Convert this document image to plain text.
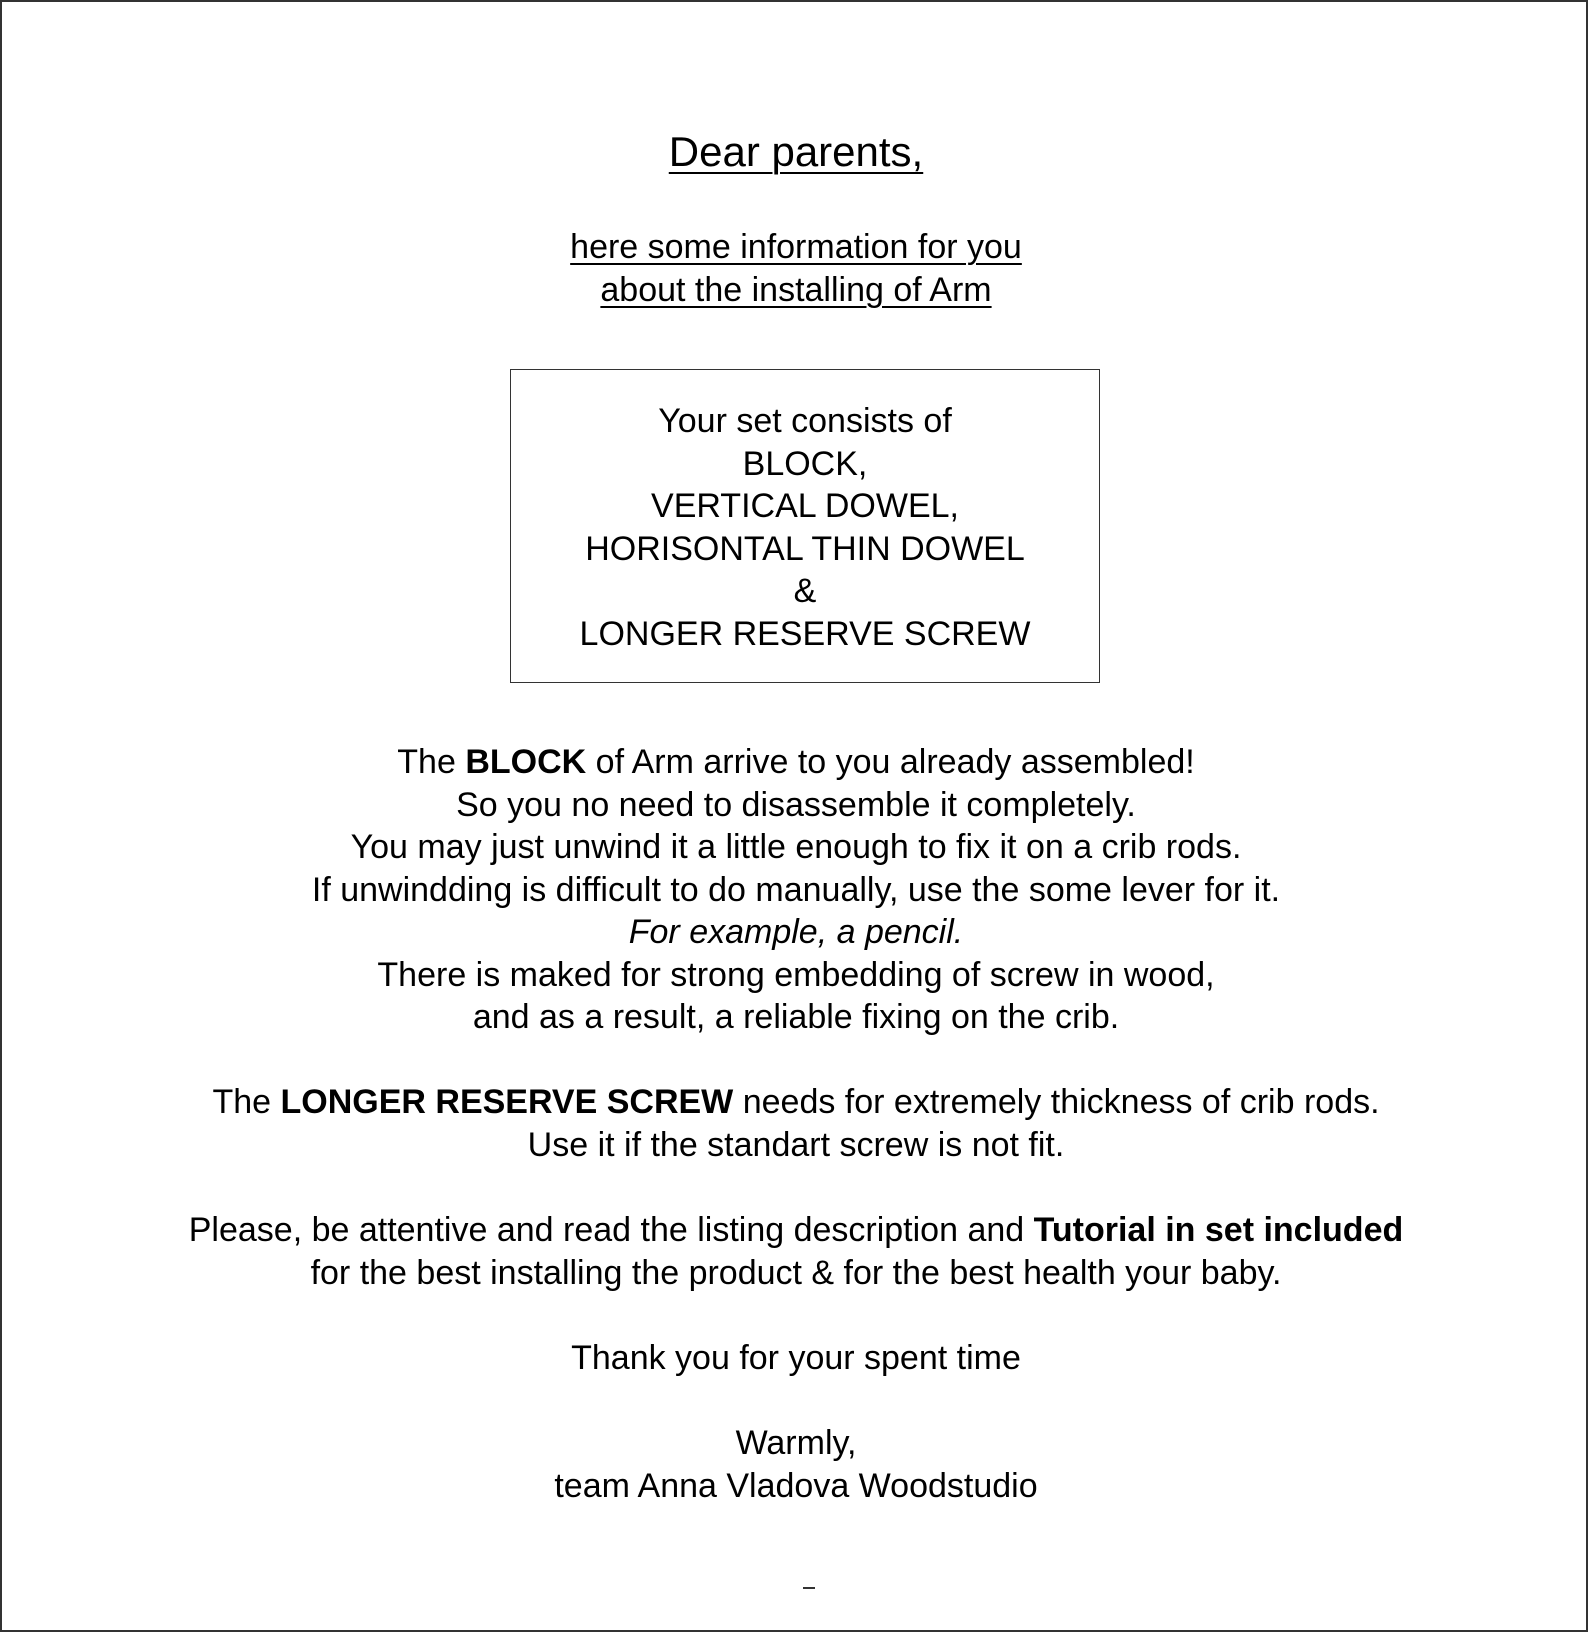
Dear parents,
here some information for you
about the installing of Arm
Your set consists of
BLOCK,
VERTICAL DOWEL,
HORISONTAL THIN DOWEL
&
LONGER RESERVE SCREW
The BLOCK of Arm arrive to you already assembled!
So you no need to disassemble it completely.
You may just unwind it a little enough to fix it on a crib rods.
If unwindding is difficult to do manually, use the some lever for it.
For example, a pencil.
There is maked for strong embedding of screw in wood,
and as a result, a reliable fixing on the crib.
The LONGER RESERVE SCREW needs for extremely thickness of crib rods.
Use it if the standart screw is not fit.
Please, be attentive and read the listing description and Tutorial in set included
for the best installing the product & for the best health your baby.
Thank you for your spent time
Warmly,
team Anna Vladova Woodstudio
